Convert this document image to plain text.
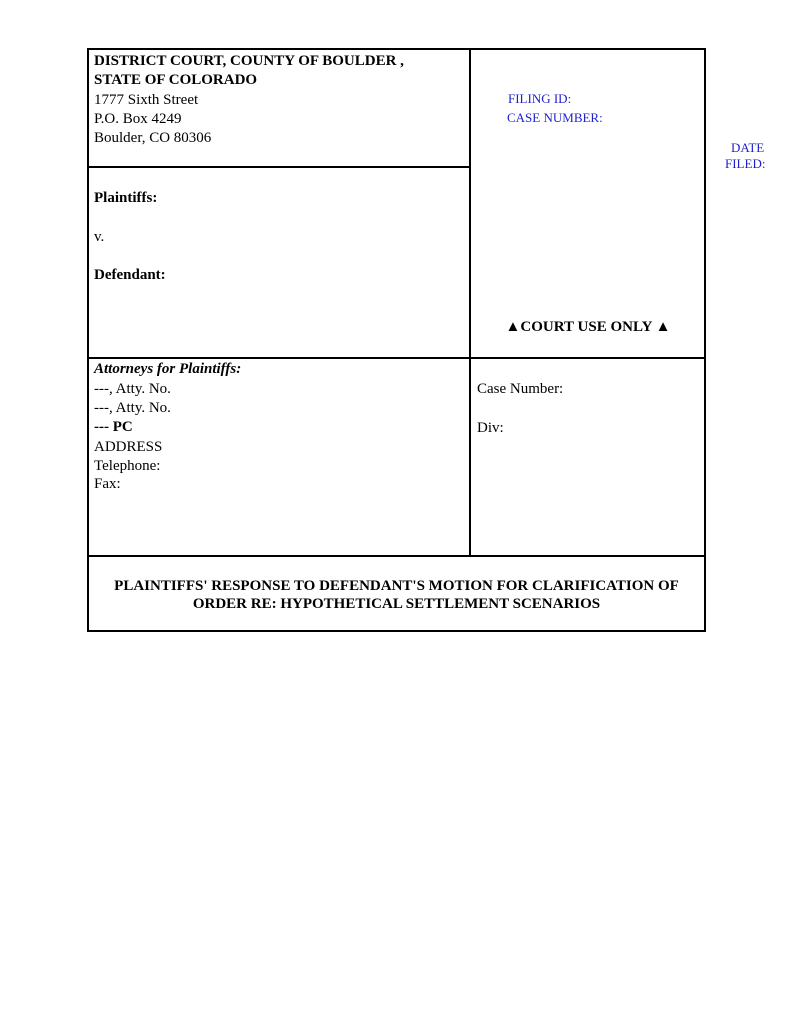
DISTRICT COURT, COUNTY OF BOULDER ,
STATE OF COLORADO
1777 Sixth Street
P.O. Box 4249
Boulder, CO 80306
FILING ID:
CASE NUMBER:
DATE
FILED:
Plaintiffs:
v.
Defendant:
▲COURT USE ONLY ▲
Attorneys for Plaintiffs:
---, Atty. No.
---, Atty. No.
--- PC
ADDRESS
Telephone:
Fax:
Case Number:
Div:
PLAINTIFFS' RESPONSE TO DEFENDANT'S MOTION FOR CLARIFICATION OF
ORDER RE: HYPOTHETICAL SETTLEMENT SCENARIOS
